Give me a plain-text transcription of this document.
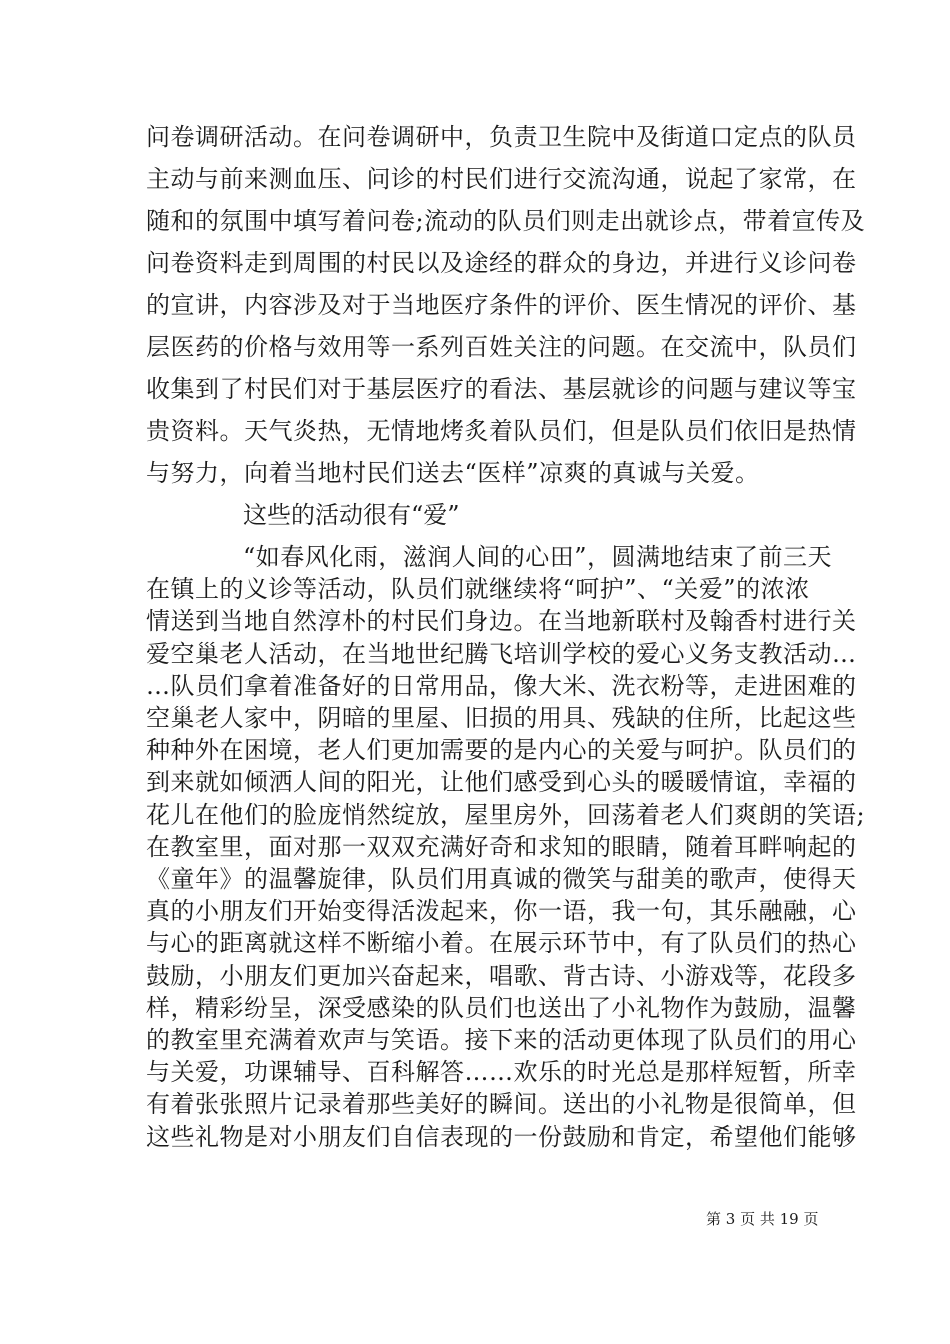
问卷调研活动。在问卷调研中，负责卫生院中及街道口定点的队员
主动与前来测血压、问诊的村民们进行交流沟通，说起了家常，在
随和的氛围中填写着问卷;流动的队员们则走出就诊点，带着宣传及
问卷资料走到周围的村民以及途经的群众的身边，并进行义诊问卷
的宣讲，内容涉及对于当地医疗条件的评价、医生情况的评价、基
层医药的价格与效用等一系列百姓关注的问题。在交流中，队员们
收集到了村民们对于基层医疗的看法、基层就诊的问题与建议等宝
贵资料。天气炎热，无情地烤炙着队员们，但是队员们依旧是热情
与努力，向着当地村民们送去“医样”凉爽的真诚与关爱。
这些的活动很有“爱”
“如春风化雨，滋润人间的心田”，圆满地结束了前三天
在镇上的义诊等活动，队员们就继续将“呵护”、“关爱”的浓浓
情送到当地自然淳朴的村民们身边。在当地新联村及翰香村进行关
爱空巢老人活动，在当地世纪腾飞培训学校的爱心义务支教活动…
…队员们拿着准备好的日常用品，像大米、洗衣粉等，走进困难的
空巢老人家中，阴暗的里屋、旧损的用具、残缺的住所，比起这些
种种外在困境，老人们更加需要的是内心的关爱与呵护。队员们的
到来就如倾洒人间的阳光，让他们感受到心头的暖暖情谊，幸福的
花儿在他们的脸庞悄然绽放，屋里房外，回荡着老人们爽朗的笑语;
在教室里，面对那一双双充满好奇和求知的眼睛，随着耳畔响起的
《童年》的温馨旋律，队员们用真诚的微笑与甜美的歌声，使得天
真的小朋友们开始变得活泼起来，你一语，我一句，其乐融融，心
与心的距离就这样不断缩小着。在展示环节中，有了队员们的热心
鼓励，小朋友们更加兴奋起来，唱歌、背古诗、小游戏等，花段多
样，精彩纷呈，深受感染的队员们也送出了小礼物作为鼓励，温馨
的教室里充满着欢声与笑语。接下来的活动更体现了队员们的用心
与关爱，功课辅导、百科解答……欢乐的时光总是那样短暂，所幸
有着张张照片记录着那些美好的瞬间。送出的小礼物是很简单，但
这些礼物是对小朋友们自信表现的一份鼓励和肯定，希望他们能够
第 3 页 共 19 页
